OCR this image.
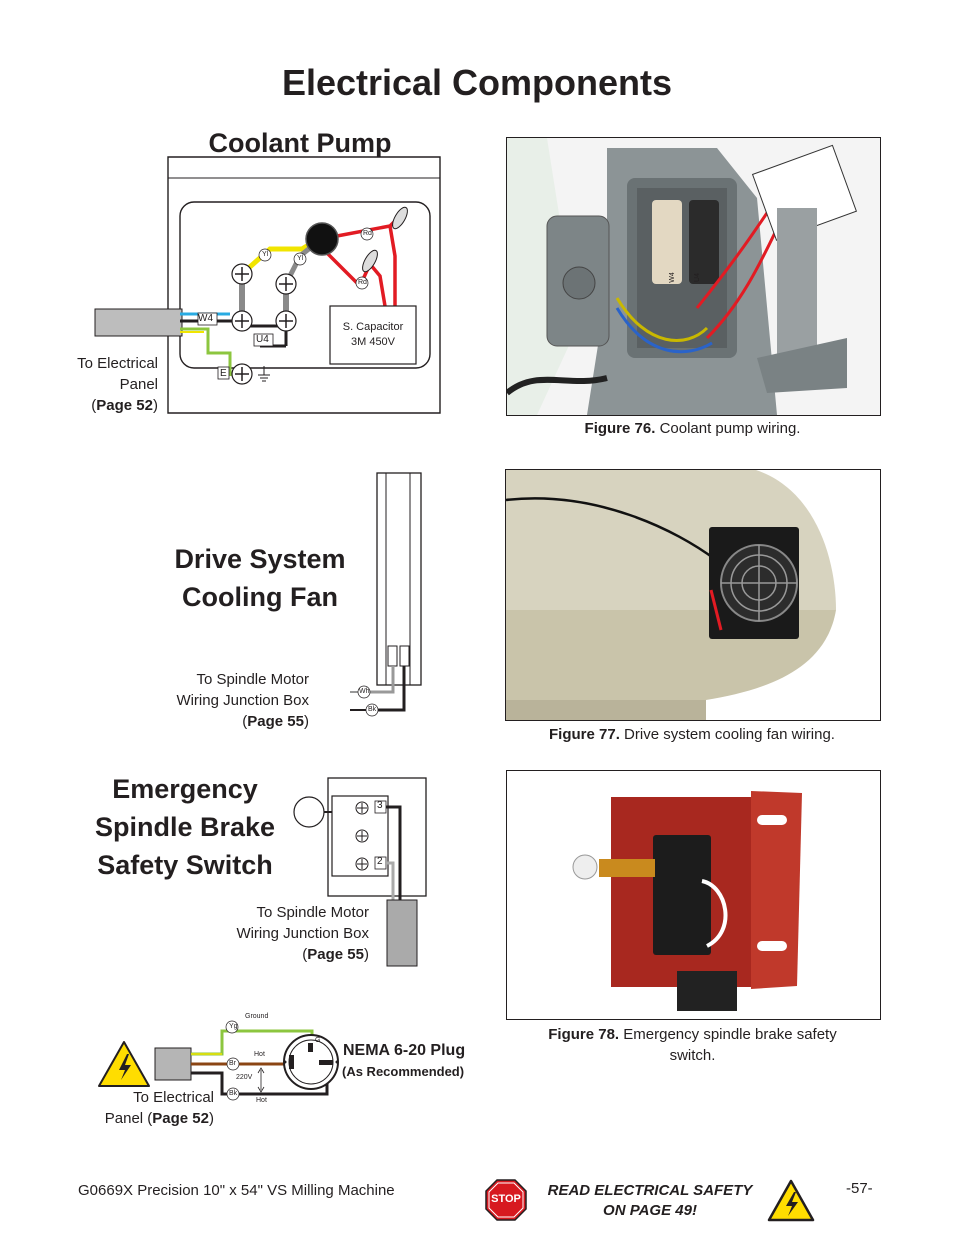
Electrical Components
Coolant Pump
W4
U4
E
Yl
Yl
Rd
Rd
S. Capacitor
3M 450V
To Electrical
Panel
(Page 52)
W4	U4
Figure 76. Coolant pump wiring.
Drive System
Cooling Fan
Wh
Bk
To Spindle Motor
Wiring Junction Box
(Page 55)
Figure 77. Drive system cooling fan wiring.
Emergency
Spindle Brake
Safety Switch
3
2
To Spindle Motor
Wiring Junction Box
(Page 55)
Figure 78. Emergency spindle brake safety
switch.
Ground
Hot
220V
Hot
G
Yg
Br
Bk
NEMA 6-20 Plug
(As Recommended)
To Electrical
Panel (Page 52)
G0669X Precision 10" x 54" VS Milling Machine	STOP	READ ELECTRICAL SAFETY
ON PAGE 49!
-57-
